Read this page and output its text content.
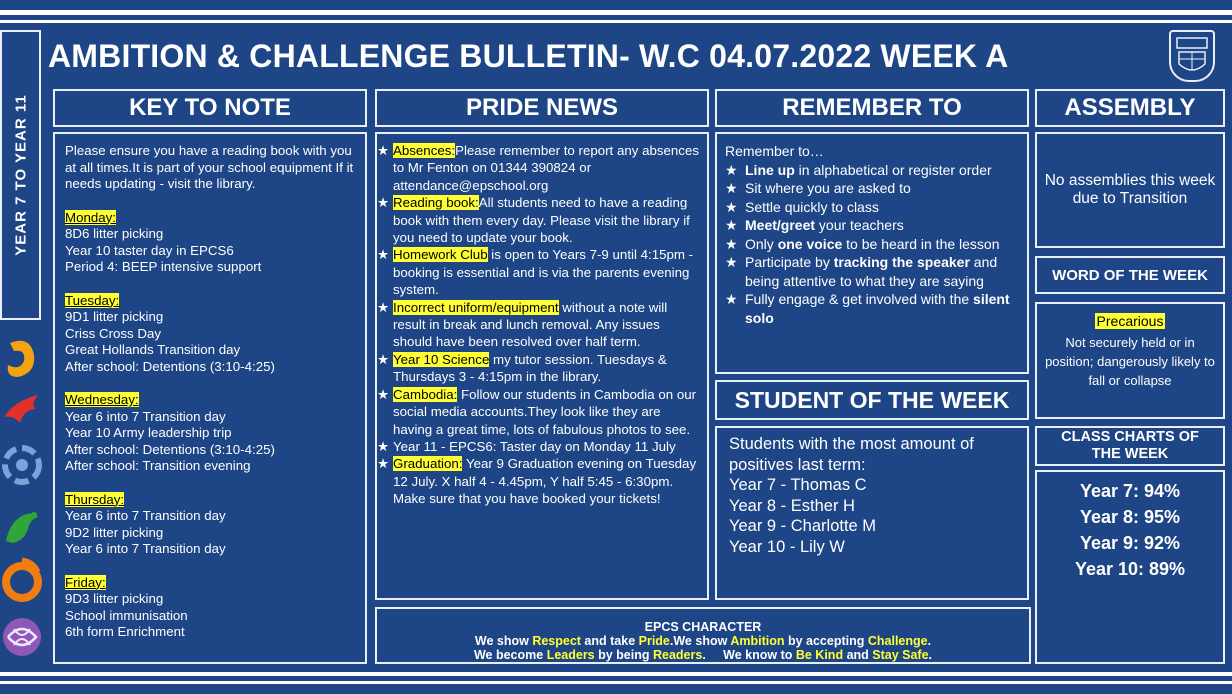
YEAR 7 TO YEAR 11
AMBITION & CHALLENGE BULLETIN- W.C 04.07.2022 WEEK A
KEY TO NOTE
Please ensure you have a reading book with you at all times.It is part of your school equipment If it needs updating - visit the library.
Monday:
8D6 litter picking
Year 10 taster day in EPCS6
Period 4: BEEP intensive support
Tuesday:
9D1 litter picking
Criss Cross Day
Great Hollands Transition day
After school: Detentions (3:10-4:25)
Wednesday:
Year 6 into 7 Transition day
Year 10 Army leadership trip
After school: Detentions (3:10-4:25)
After school: Transition evening
Thursday:
Year 6 into 7 Transition day
9D2 litter picking
Year 6 into 7 Transition day
Friday:
9D3 litter picking
School immunisation
6th form Enrichment
PRIDE NEWS
★ Absences:Please remember to report any absences to Mr Fenton on 01344 390824 or attendance@epschool.org
★ Reading book:All students need to have a reading book with them every day. Please visit the library if you need to update your book.
★ Homework Club is open to Years 7-9 until 4:15pm - booking is essential and is via the parents evening system.
★ Incorrect uniform/equipment without a note will result in break and lunch removal. Any issues should have been resolved over half term.
★ Year 10 Science my tutor session. Tuesdays & Thursdays 3 - 4:15pm in the library.
★ Cambodia: Follow our students in Cambodia on our social media accounts.They look like they are having a great time, lots of fabulous photos to see.
★ Year 11 - EPCS6: Taster day on Monday 11 July
★ Graduation: Year 9 Graduation evening on Tuesday 12 July. X half 4 - 4.45pm, Y half 5:45 - 6:30pm. Make sure that you have booked your tickets!
REMEMBER TO
Remember to…
★ Line up in alphabetical or register order
★ Sit where you are asked to
★ Settle quickly to class
★ Meet/greet your teachers
★ Only one voice to be heard in the lesson
★ Participate by tracking the speaker and being attentive to what they are saying
★ Fully engage & get involved with the silent solo
STUDENT OF THE WEEK
Students with the most amount of positives last term:
Year 7 - Thomas C
Year 8 - Esther H
Year 9 - Charlotte M
Year 10 - Lily W
ASSEMBLY
No assemblies this week due to Transition
WORD OF THE WEEK
Precarious
Not securely held or in position; dangerously likely to fall or collapse
CLASS CHARTS OF THE WEEK
Year 7: 94%
Year 8: 95%
Year 9: 92%
Year 10: 89%
EPCS CHARACTER
We show Respect and take Pride.We show Ambition by accepting Challenge.
We become Leaders by being Readers.     We know to Be Kind and Stay Safe.
